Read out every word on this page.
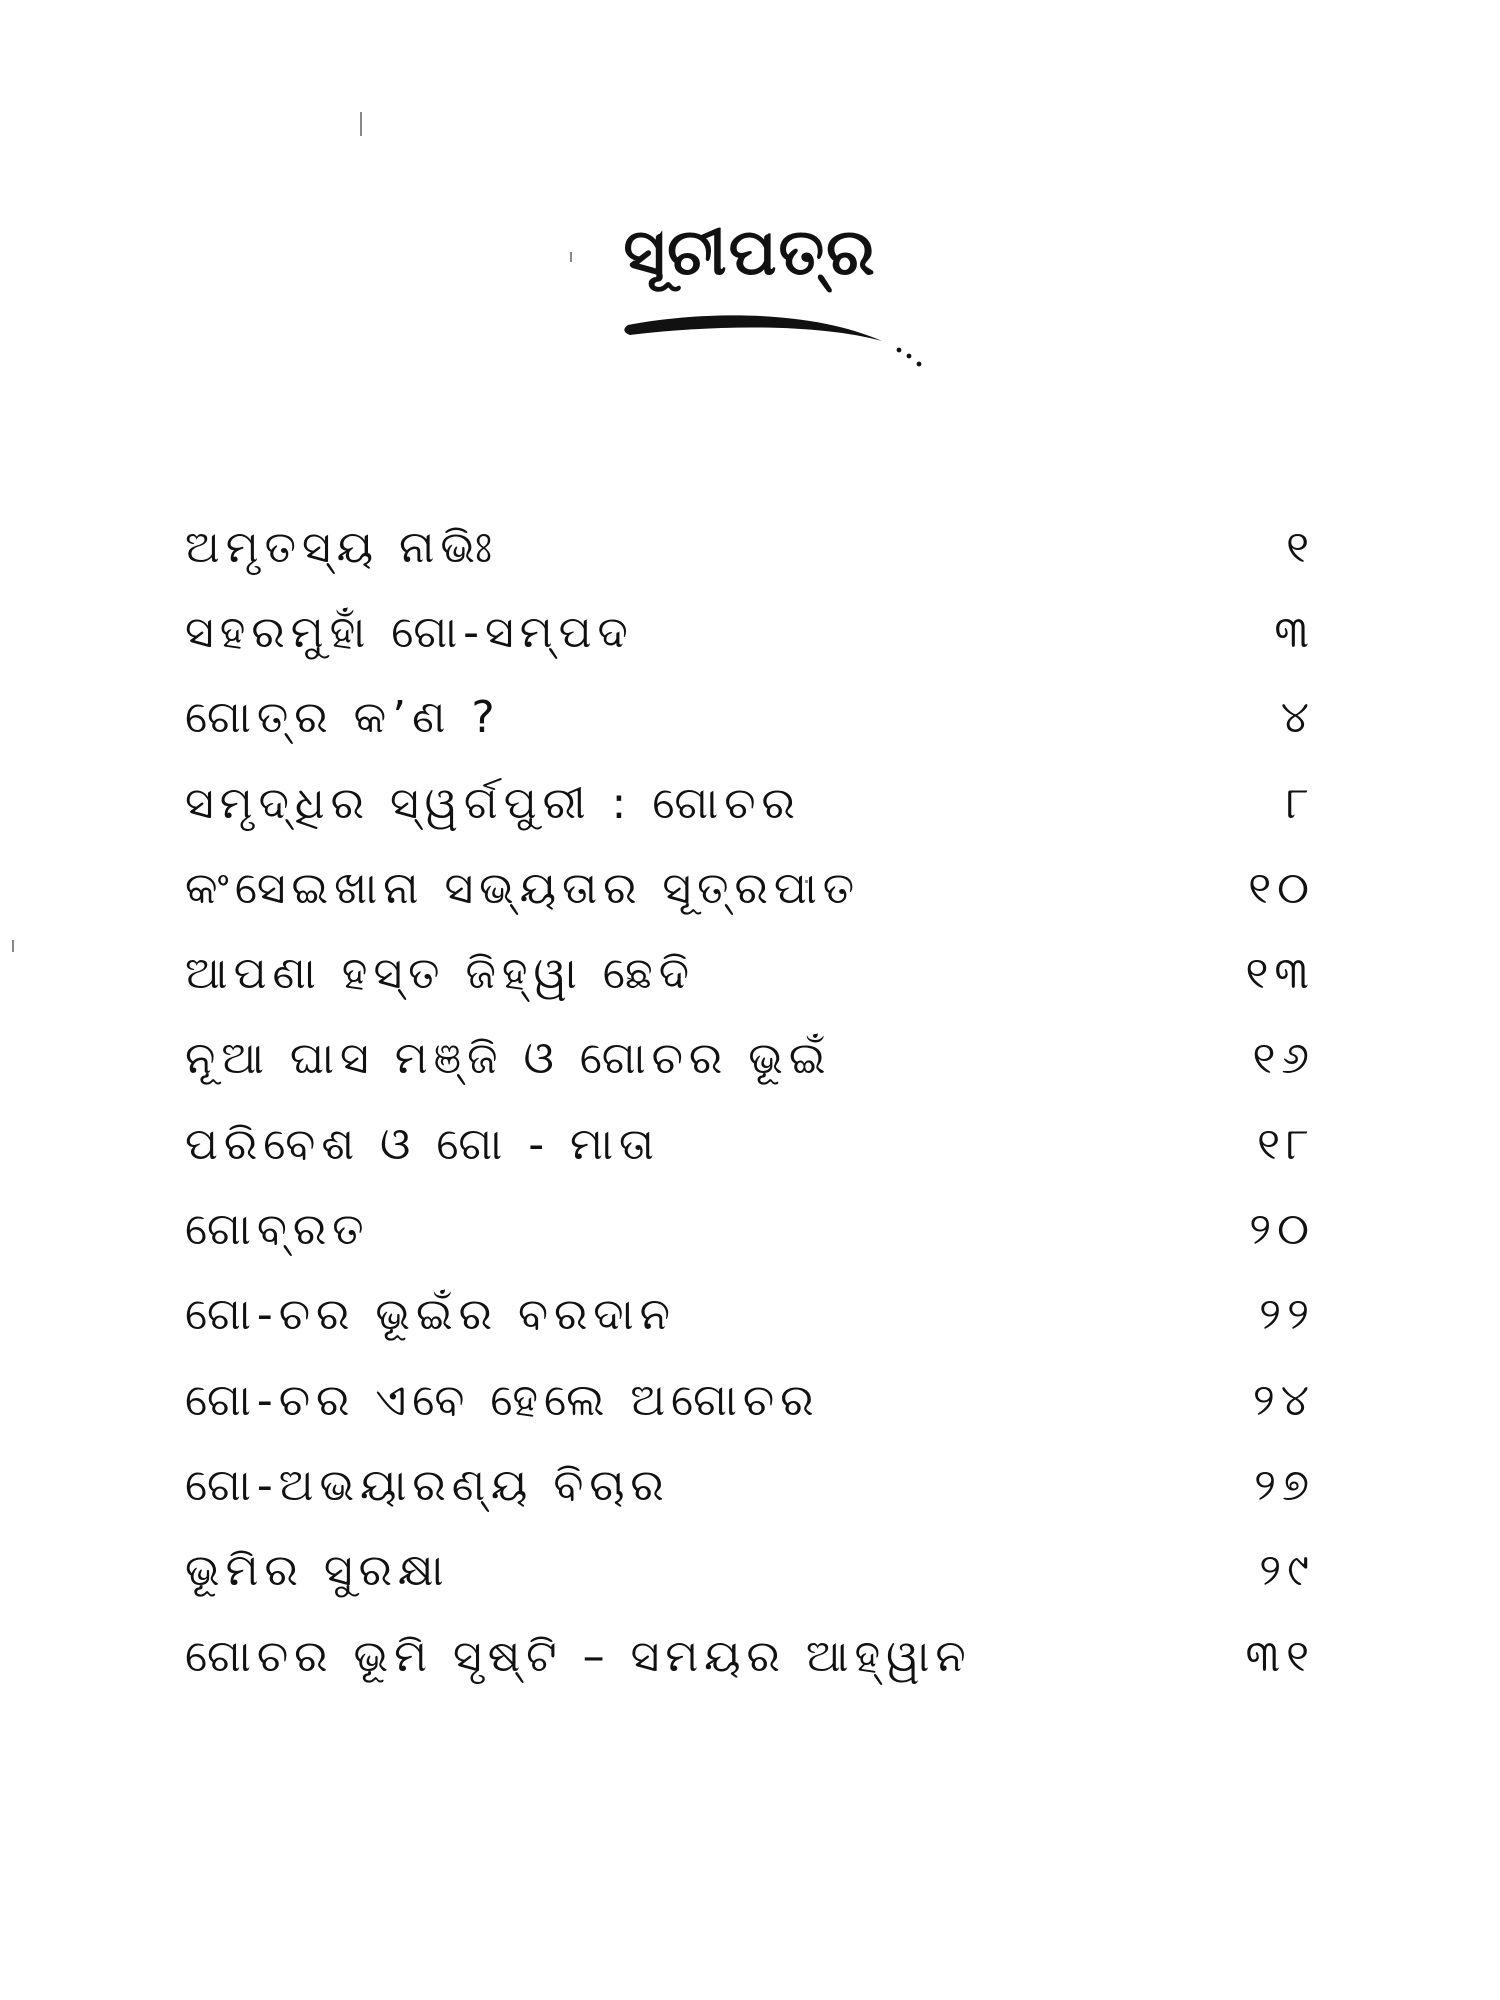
ସୂଚୀପତ୍ର
ଅମୃତସ୍ୟ ନାଭିଃ	୧
ସହରମୁହାଁ ଗୋ-ସମ୍ପଦ	୩
ଗୋତ୍ର କ’ଣ ?	୪
ସମୃଦ୍ଧିର ସ୍ୱର୍ଗପୁରୀ : ଗୋଚର	୮
କଂସେଇଖାନା ସଭ୍ୟତାର ସୂତ୍ରପାତ	୧୦
ଆପଣା ହସ୍ତ ଜିହ୍ୱା ଛେଦି	୧୩
ନୂଆ ଘାସ ମଞ୍ଜି ଓ ଗୋଚର ଭୂଇଁ	୧୬
ପରିବେଶ ଓ ଗୋ - ମାତା	୧୮
ଗୋବ୍ରତ	୨୦
ଗୋ-ଚର ଭୂଇଁର ବରଦାନ	୨୨
ଗୋ-ଚର ଏବେ ହେଲେ ଅଗୋଚର	୨୪
ଗୋ-ଅଭୟାରଣ୍ୟ ବିଚାର	୨୭
ଭୂମିର ସୁରକ୍ଷା	୨୯
ଗୋଚର ଭୂମି ସୃଷ୍ଟି – ସମୟର ଆହ୍ୱାନ	୩୧
